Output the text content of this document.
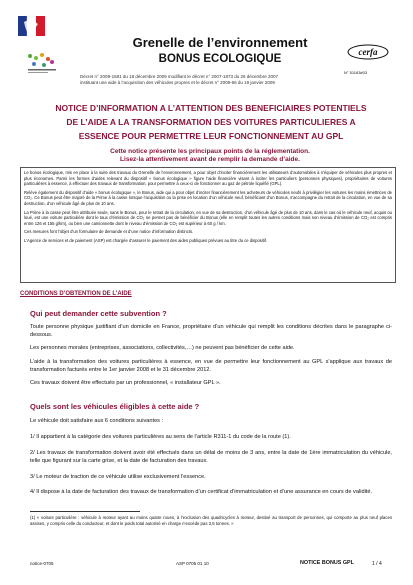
cerfa
N° 51163#03
Grenelle de l’environnement
BONUS ECOLOGIQUE
Décret n° 2009-1581 du 18 décembre 2009 modifiant le décret n° 2007-1873 du 26 décembre 2007
instituant une aide à l’acquisition des véhicules propres et le décret n° 2009-66 du 19 janvier 2009
NOTICE D’INFORMATION A L’ATTENTION DES BENEFICIAIRES POTENTIELS
DE L’AIDE A LA TRANSFORMATION DES VOITURES PARTICULIERES A
ESSENCE POUR PERMETTRE LEUR FONCTIONNEMENT AU GPL
Cette notice présente les principaux points de la réglementation.
Lisez-la attentivement avant de remplir la demande d’aide.

Le bonus écologique, mis en place à la suite des travaux du Grenelle de l’environnement, a pour objet d’inciter financièrement les utilisateurs d’automobiles à s’équiper de véhicules plus propres et plus économes. Parmi les formes d’aides relevant du dispositif « bonus écologique » figure l’aide financière visant à inciter les particuliers (personnes physiques), propriétaires de voitures particulières à essence, à effectuer des travaux de transformation, pour permettre à ceux-ci de fonctionner au gaz de pétrole liquéfié (GPL).

Relève également du dispositif d’aide « bonus écologique », le Bonus, aide qui a pour objet d’inciter financièrement les acheteurs de véhicules neufs à privilégier les voitures les moins émettrices de CO₂. Ce Bonus peut être majoré de la Prime à la casse lorsque l’acquisition ou la prise en location d’un véhicule neuf, bénéficiant d’un Bonus, s’accompagne du retrait de la circulation, en vue de sa destruction, d’un véhicule âgé de plus de 10 ans.

La Prime à la casse peut être attribuée seule, sans le Bonus, pour le retrait de la circulation, en vue de sa destruction, d’un véhicule âgé de plus de 10 ans, dans le cas où le véhicule neuf, acquis ou loué, est une voiture particulière dont le taux d’émission de CO₂ ne permet pas de bénéficier du Bonus (elle en remplit toutes les autres conditions mais son niveau d’émission de CO₂ est compris entre 126 et 155 g/km), ou bien une camionnette dont le niveau d’émission de CO₂ est supérieur à 60 g / km.

Ces mesures font l’objet d’un formulaire de demande et d’une notice d’information distincts.

L’Agence de services et de paiement (ASP) est chargée d’assurer le paiement des aides publiques prévues au titre du ce dispositif.

CONDITIONS D’OBTENTION DE L’AIDE
Qui peut demander cette subvention ?
Toute personne physique justifiant d’un domicile en France, propriétaire d’un véhicule qui remplit les conditions décrites dans le paragraphe ci-dessous.
Les personnes morales (entreprises, associations, collectivités,…) ne peuvent pas bénéficier de cette aide.
L’aide à la transformation des voitures particulières à essence, en vue de permettre leur fonctionnement au GPL s’applique aux travaux de transformation facturés entre le 1er janvier 2008 et le 31 décembre 2012.
Ces travaux doivent être effectués par un professionnel, « installateur GPL ».
Quels sont les véhicules éligibles à cette aide ?
Le véhicule doit satisfaire aux 6 conditions suivantes :
1/ Il appartient à la catégorie des voitures particulières au sens de l’article R311-1 du code de la route (1).
2/ Les travaux de transformation doivent avoir été effectués dans un délai de moins de 3 ans, entre la date de 1ère immatriculation du véhicule, telle que figurant sur la carte grise, et la date de facturation des travaux.
3/ Le moteur de traction de ce véhicule utilise exclusivement l’essence.
4/ Il dispose à la date de facturation des travaux de transformation d’un certificat d’immatriculation et d’une assurance en cours de validité.
(1) « voiture particulière : véhicule à moteur ayant au moins quatre roues, à l’exclusion des quadricycles à moteur, destiné au transport de personnes, qui comporte au plus neuf places assises, y compris celle du conducteur, et dont le poids total autorisé en charge n’excède pas 3,5 tonnes. »
notice-0705	ASP 0705 01 10	NOTICE BONUS GPL	1 / 4
